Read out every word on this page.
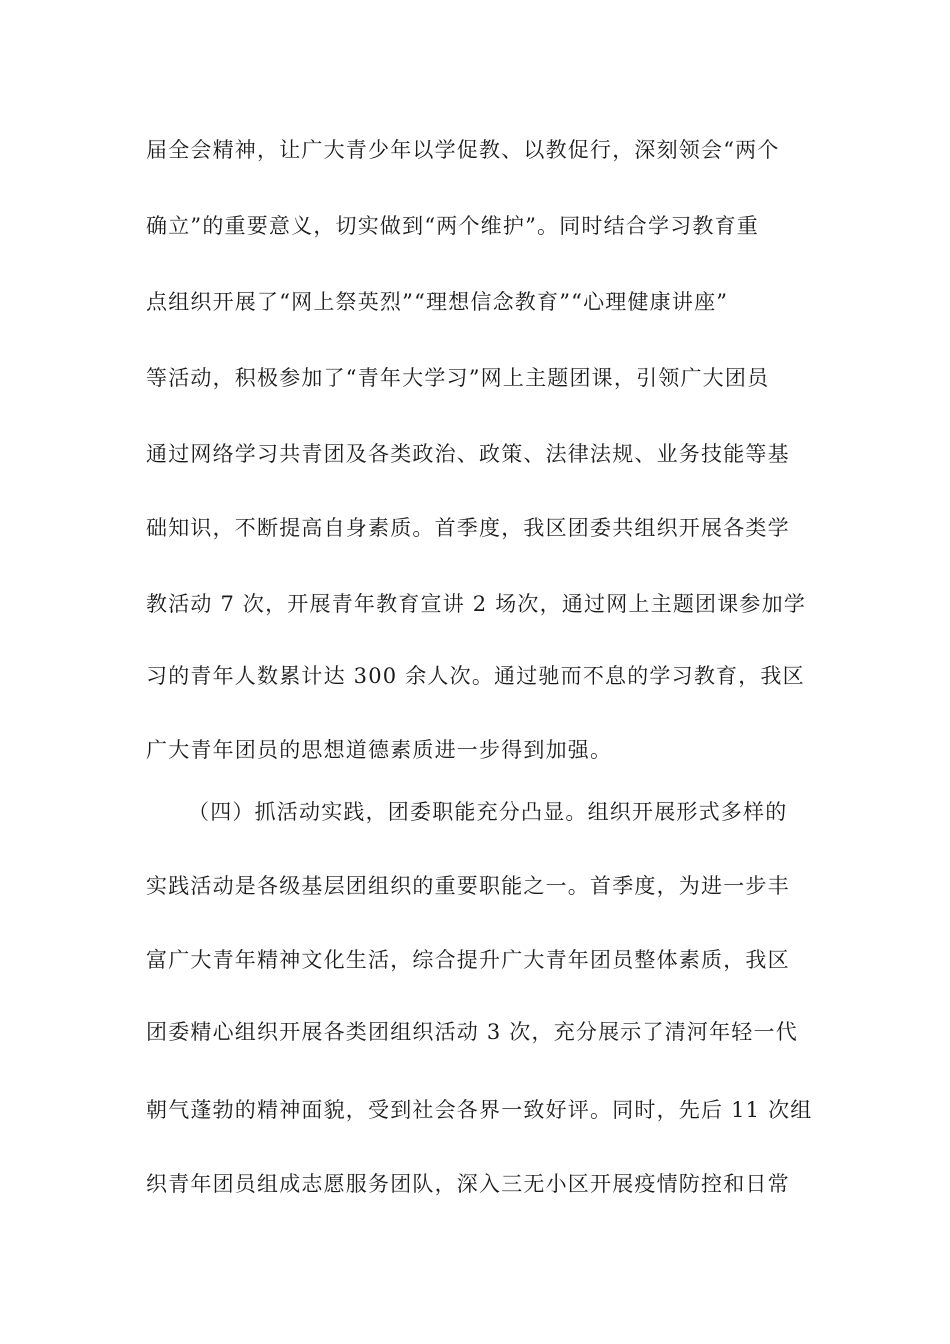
届全会精神，让广大青少年以学促教、以教促行，深刻领会“两个
确立”的重要意义，切实做到“两个维护”。同时结合学习教育重
点组织开展了“网上祭英烈”“理想信念教育”“心理健康讲座”
等活动，积极参加了“青年大学习”网上主题团课，引领广大团员
通过网络学习共青团及各类政治、政策、法律法规、业务技能等基
础知识，不断提高自身素质。首季度，我区团委共组织开展各类学
教活动 7 次，开展青年教育宣讲 2 场次，通过网上主题团课参加学
习的青年人数累计达 300 余人次。通过驰而不息的学习教育，我区
广大青年团员的思想道德素质进一步得到加强。
（四）抓活动实践，团委职能充分凸显。组织开展形式多样的
实践活动是各级基层团组织的重要职能之一。首季度，为进一步丰
富广大青年精神文化生活，综合提升广大青年团员整体素质，我区
团委精心组织开展各类团组织活动 3 次，充分展示了清河年轻一代
朝气蓬勃的精神面貌，受到社会各界一致好评。同时，先后 11 次组
织青年团员组成志愿服务团队，深入三无小区开展疫情防控和日常
